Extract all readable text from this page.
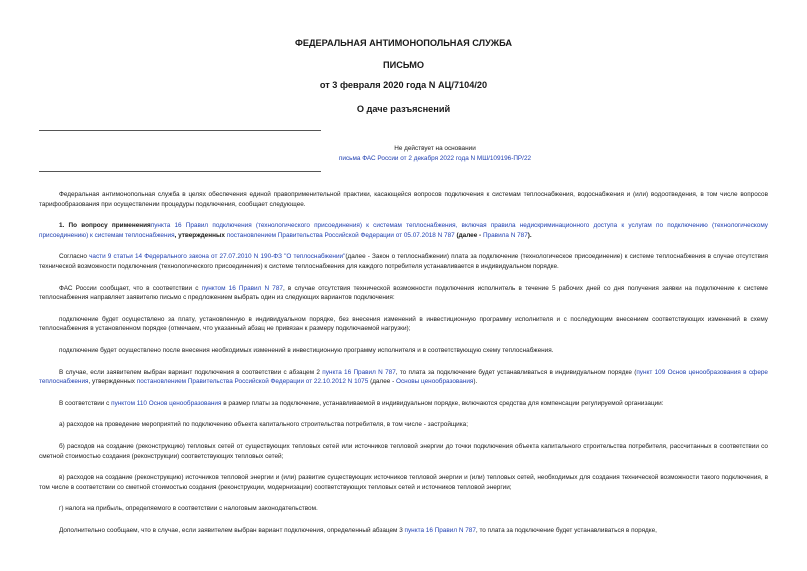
ФЕДЕРАЛЬНАЯ АНТИМОНОПОЛЬНАЯ СЛУЖБА
ПИСЬМО
от 3 февраля 2020 года N АЦ/7104/20
О даче разъяснений
Не действует на основании
письма ФАС России от 2 декабря 2022 года N МШ/109196-ПР/22

Федеральная антимонопольная служба в целях обеспечения единой правоприменительной практики, касающейся вопросов подключения к системам теплоснабжения, водоснабжения и (или) водоотведения, в том числе вопросов тарифообразования при осуществлении процедуры подключения, сообщает следующее.

1. По вопросу примененияпункта 16 Правил подключения (технологического присоединения) к системам теплоснабжения, включая правила недискриминационного доступа к услугам по подключению (технологическому присоединению) к системам теплоснабжения, утвержденных постановлением Правительства Российской Федерации от 05.07.2018 N 787 (далее - Правила N 787).

Согласно части 9 статьи 14 Федерального закона от 27.07.2010 N 190-ФЗ "О теплоснабжении"(далее - Закон о теплоснабжении) плата за подключение (технологическое присоединение) к системе теплоснабжения в случае отсутствия технической возможности подключения (технологического присоединения) к системе теплоснабжения для каждого потребителя устанавливается в индивидуальном порядке.

ФАС России сообщает, что в соответствии с пунктом 16 Правил N 787, в случае отсутствия технической возможности подключения исполнитель в течение 5 рабочих дней со дня получения заявки на подключение к системе теплоснабжения направляет заявителю письмо с предложением выбрать один из следующих вариантов подключения:

подключение будет осуществлено за плату, установленную в индивидуальном порядке, без внесения изменений в инвестиционную программу исполнителя и с последующим внесением соответствующих изменений в схему теплоснабжения в установленном порядке (отмечаем, что указанный абзац не привязан к размеру подключаемой нагрузки);

подключение будет осуществлено после внесения необходимых изменений в инвестиционную программу исполнителя и в соответствующую схему теплоснабжения.

В случае, если заявителем выбран вариант подключения в соответствии с абзацем 2 пункта 16 Правил N 787, то плата за подключение будет устанавливаться в индивидуальном порядке (пункт 109 Основ ценообразования в сфере теплоснабжения, утвержденных постановлением Правительства Российской Федерации от 22.10.2012 N 1075 (далее - Основы ценообразования).

В соответствии с пунктом 110 Основ ценообразования в размер платы за подключение, устанавливаемой в индивидуальном порядке, включаются средства для компенсации регулируемой организации:

а) расходов на проведение мероприятий по подключению объекта капитального строительства потребителя, в том числе - застройщика;

б) расходов на создание (реконструкцию) тепловых сетей от существующих тепловых сетей или источников тепловой энергии до точки подключения объекта капитального строительства потребителя, рассчитанных в соответствии со сметной стоимостью создания (реконструкции) соответствующих тепловых сетей;

в) расходов на создание (реконструкцию) источников тепловой энергии и (или) развитие существующих источников тепловой энергии и (или) тепловых сетей, необходимых для создания технической возможности такого подключения, в том числе в соответствии со сметной стоимостью создания (реконструкции, модернизации) соответствующих тепловых сетей и источников тепловой энергии;

г) налога на прибыль, определяемого в соответствии с налоговым законодательством.

Дополнительно сообщаем, что в случае, если заявителем выбран вариант подключения, определенный абзацем 3 пункта 16 Правил N 787, то плата за подключение будет устанавливаться в порядке,
